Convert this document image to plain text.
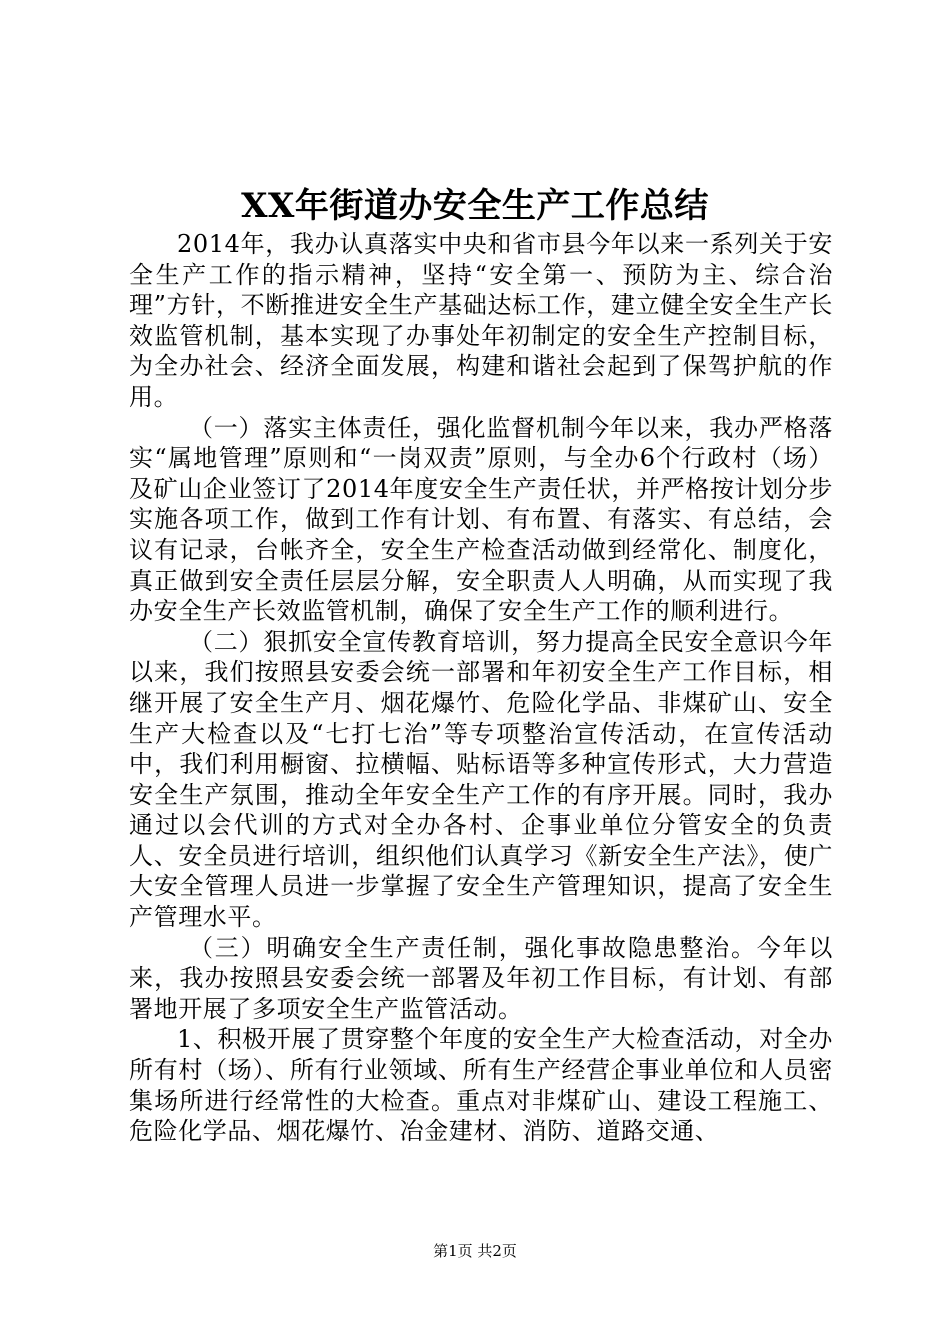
XX年街道办安全生产工作总结

2014年，我办认真落实中央和省市县今年以来一系列关于安全生产工作的指示精神，坚持“安全第一、预防为主、综合治理”方针，不断推进安全生产基础达标工作，建立健全安全生产长效监管机制，基本实现了办事处年初制定的安全生产控制目标，为全办社会、经济全面发展，构建和谐社会起到了保驾护航的作用。

（一）落实主体责任，强化监督机制今年以来，我办严格落实“属地管理”原则和“一岗双责”原则，与全办6个行政村（场）及矿山企业签订了2014年度安全生产责任状，并严格按计划分步实施各项工作，做到工作有计划、有布置、有落实、有总结，会议有记录，台帐齐全，安全生产检查活动做到经常化、制度化，真正做到安全责任层层分解，安全职责人人明确，从而实现了我办安全生产长效监管机制，确保了安全生产工作的顺利进行。

（二）狠抓安全宣传教育培训，努力提高全民安全意识今年以来，我们按照县安委会统一部署和年初安全生产工作目标，相继开展了安全生产月、烟花爆竹、危险化学品、非煤矿山、安全生产大检查以及“七打七治”等专项整治宣传活动，在宣传活动中，我们利用橱窗、拉横幅、贴标语等多种宣传形式，大力营造安全生产氛围，推动全年安全生产工作的有序开展。同时，我办通过以会代训的方式对全办各村、企事业单位分管安全的负责人、安全员进行培训，组织他们认真学习《新安全生产法》，使广大安全管理人员进一步掌握了安全生产管理知识，提高了安全生产管理水平。

（三）明确安全生产责任制，强化事故隐患整治。今年以来，我办按照县安委会统一部署及年初工作目标，有计划、有部署地开展了多项安全生产监管活动。

1、积极开展了贯穿整个年度的安全生产大检查活动，对全办所有村（场）、所有行业领域、所有生产经营企事业单位和人员密集场所进行经常性的大检查。重点对非煤矿山、建设工程施工、危险化学品、烟花爆竹、冶金建材、消防、道路交通、

第1页 共2页
